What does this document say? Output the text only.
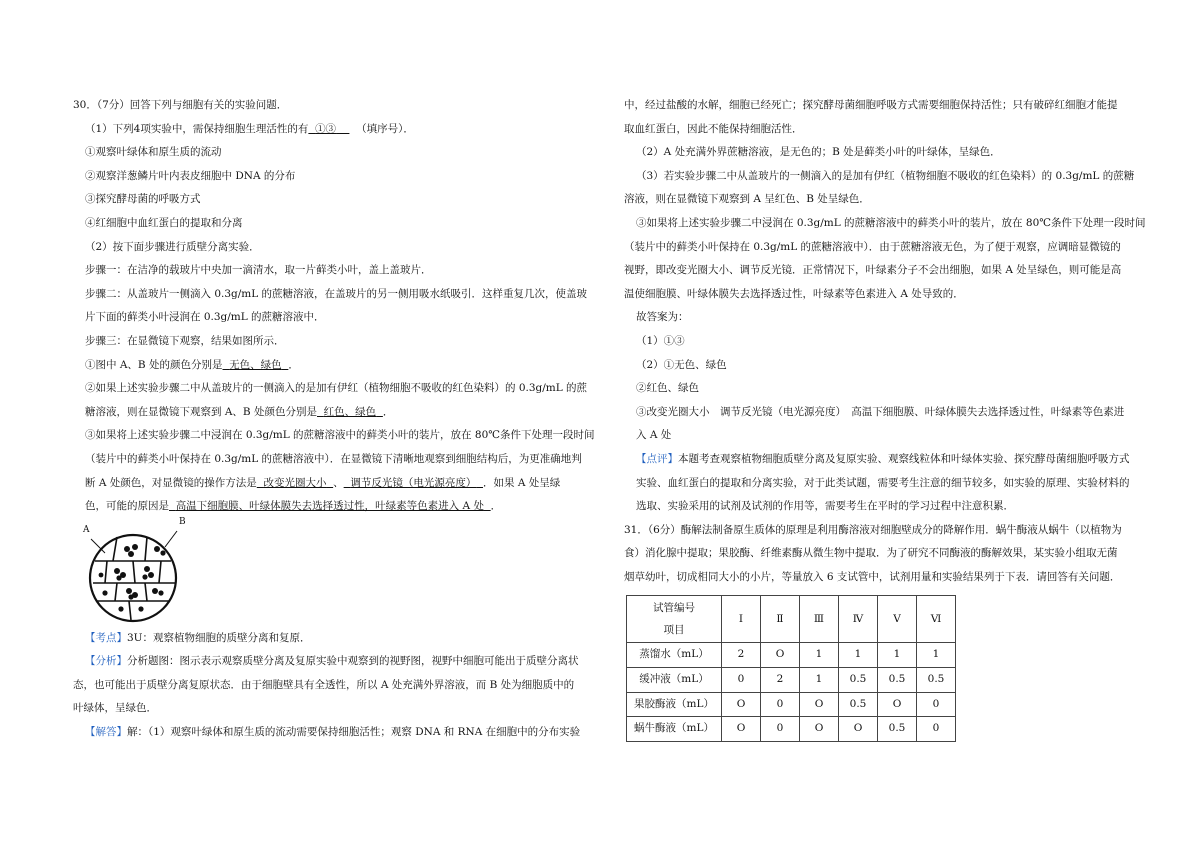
30．（7分）回答下列与细胞有关的实验问题．
（1）下列4项实验中，需保持细胞生理活性的有 ①③ （填序号）．
①观察叶绿体和原生质的流动
②观察洋葱鳞片叶内表皮细胞中 DNA 的分布
③探究酵母菌的呼吸方式
④红细胞中血红蛋白的提取和分离
（2）按下面步骤进行质壁分离实验．
步骤一：在洁净的载玻片中央加一滴清水，取一片藓类小叶，盖上盖玻片．
步骤二：从盖玻片一侧滴入 0.3g/mL 的蔗糖溶液，在盖玻片的另一侧用吸水纸吸引．这样重复几次，使盖玻
片下面的藓类小叶浸润在 0.3g/mL 的蔗糖溶液中．
步骤三：在显微镜下观察，结果如图所示．
①图中 A、B 处的颜色分别是 无色、绿色 ．
②如果上述实验步骤二中从盖玻片的一侧滴入的是加有伊红（植物细胞不吸收的红色染料）的 0.3g/mL 的蔗
糖溶液，则在显微镜下观察到 A、B 处颜色分别是 红色、绿色 ．
③如果将上述实验步骤二中浸润在 0.3g/mL 的蔗糖溶液中的藓类小叶的装片，放在 80℃条件下处理一段时间
（装片中的藓类小叶保持在 0.3g/mL 的蔗糖溶液中）．在显微镜下清晰地观察到细胞结构后，为更准确地判
断 A 处颜色，对显微镜的操作方法是 改变光圈大小 、 调节反光镜（电光源亮度） ．如果 A 处呈绿
色，可能的原因是 高温下细胞膜、叶绿体膜失去选择透过性，叶绿素等色素进入 A 处 ．
A
B
【考点】3U：观察植物细胞的质壁分离和复原．
【分析】分析题图：图示表示观察质壁分离及复原实验中观察到的视野图，视野中细胞可能出于质壁分离状
态，也可能出于质壁分离复原状态．由于细胞壁具有全透性，所以 A 处充满外界溶液，而 B 处为细胞质中的
叶绿体，呈绿色．
【解答】解：（1）观察叶绿体和原生质的流动需要保持细胞活性；观察 DNA 和 RNA 在细胞中的分布实验
中，经过盐酸的水解，细胞已经死亡；探究酵母菌细胞呼吸方式需要细胞保持活性；只有破碎红细胞才能提
取血红蛋白，因此不能保持细胞活性．
（2）A 处充满外界蔗糖溶液，是无色的；B 处是藓类小叶的叶绿体，呈绿色．
（3）若实验步骤二中从盖玻片的一侧滴入的是加有伊红（植物细胞不吸收的红色染料）的 0.3g/mL 的蔗糖
溶液，则在显微镜下观察到 A 呈红色、B 处呈绿色．
③如果将上述实验步骤二中浸润在 0.3g/mL 的蔗糖溶液中的藓类小叶的装片，放在 80℃条件下处理一段时间
（装片中的藓类小叶保持在 0.3g/mL 的蔗糖溶液中）．由于蔗糖溶液无色，为了便于观察，应调暗显微镜的
视野，即改变光圈大小、调节反光镜．正常情况下，叶绿素分子不会出细胞，如果 A 处呈绿色，则可能是高
温使细胞膜、叶绿体膜失去选择透过性，叶绿素等色素进入 A 处导致的．
故答案为：
（1）①③
（2）①无色、绿色
②红色、绿色
③改变光圈大小　调节反光镜（电光源亮度）　高温下细胞膜、叶绿体膜失去选择透过性，叶绿素等色素进
入 A 处
【点评】本题考查观察植物细胞质壁分离及复原实验、观察线粒体和叶绿体实验、探究酵母菌细胞呼吸方式
实验、血红蛋白的提取和分离实验，对于此类试题，需要考生注意的细节较多，如实验的原理、实验材料的
选取、实验采用的试剂及试剂的作用等，需要考生在平时的学习过程中注意积累．
31．（6分）酶解法制备原生质体的原理是利用酶溶液对细胞壁成分的降解作用．蜗牛酶液从蜗牛（以植物为
食）消化腺中提取；果胶酶、纤维素酶从微生物中提取．为了研究不同酶液的酶解效果，某实验小组取无菌
烟草幼叶，切成相同大小的小片，等量放入 6 支试管中，试剂用量和实验结果列于下表．请回答有关问题．
试管编号
项目	Ⅰ	Ⅱ	Ⅲ	Ⅳ	Ⅴ	Ⅵ
蒸馏水（mL）	2	O	1	1	1	1
缓冲液（mL）	0	2	1	0.5	0.5	0.5
果胶酶液（mL）	O	0	O	0.5	O	0
蜗牛酶液（mL）	O	0	O	O	0.5	0
